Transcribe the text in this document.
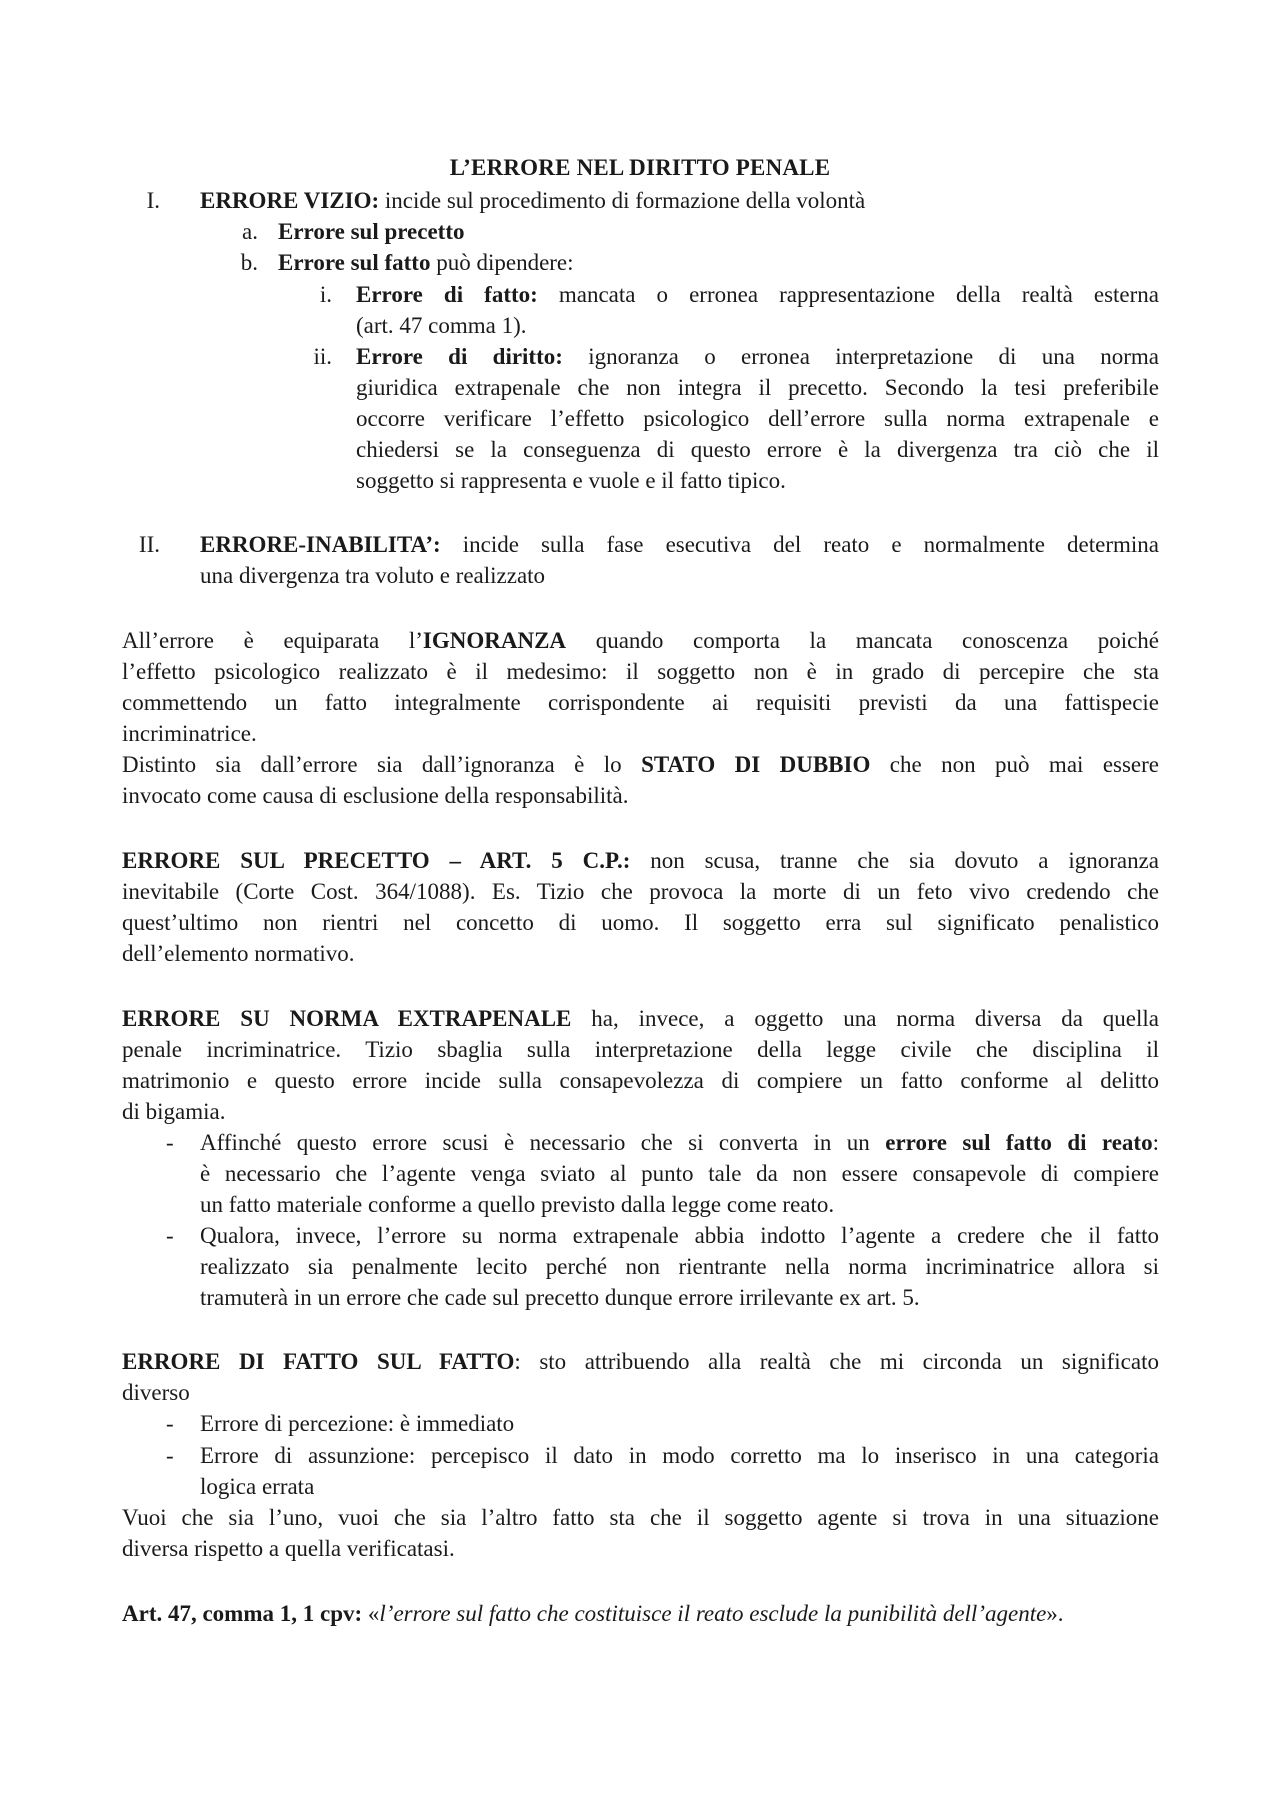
L’ERRORE NEL DIRITTO PENALE
I. ERRORE VIZIO: incide sul procedimento di formazione della volontà
a. Errore sul precetto
b. Errore sul fatto può dipendere:
i. Errore di fatto: mancata o erronea rappresentazione della realtà esterna
(art. 47 comma 1).
ii. Errore di diritto: ignoranza o erronea interpretazione di una norma
giuridica extrapenale che non integra il precetto. Secondo la tesi preferibile
occorre verificare l’effetto psicologico dell’errore sulla norma extrapenale e
chiedersi se la conseguenza di questo errore è la divergenza tra ciò che il
soggetto si rappresenta e vuole e il fatto tipico.
II. ERRORE-INABILITA’: incide sulla fase esecutiva del reato e normalmente determina
una divergenza tra voluto e realizzato
All’errore è equiparata l’IGNORANZA quando comporta la mancata conoscenza poiché
l’effetto psicologico realizzato è il medesimo: il soggetto non è in grado di percepire che sta
commettendo un fatto integralmente corrispondente ai requisiti previsti da una fattispecie
incriminatrice.
Distinto sia dall’errore sia dall’ignoranza è lo STATO DI DUBBIO che non può mai essere
invocato come causa di esclusione della responsabilità.
ERRORE SUL PRECETTO – ART. 5 C.P.: non scusa, tranne che sia dovuto a ignoranza
inevitabile (Corte Cost. 364/1088). Es. Tizio che provoca la morte di un feto vivo credendo che
quest’ultimo non rientri nel concetto di uomo. Il soggetto erra sul significato penalistico
dell’elemento normativo.
ERRORE SU NORMA EXTRAPENALE ha, invece, a oggetto una norma diversa da quella
penale incriminatrice. Tizio sbaglia sulla interpretazione della legge civile che disciplina il
matrimonio e questo errore incide sulla consapevolezza di compiere un fatto conforme al delitto
di bigamia.
- Affinché questo errore scusi è necessario che si converta in un errore sul fatto di reato:
è necessario che l’agente venga sviato al punto tale da non essere consapevole di compiere
un fatto materiale conforme a quello previsto dalla legge come reato.
- Qualora, invece, l’errore su norma extrapenale abbia indotto l’agente a credere che il fatto
realizzato sia penalmente lecito perché non rientrante nella norma incriminatrice allora si
tramuterà in un errore che cade sul precetto dunque errore irrilevante ex art. 5.
ERRORE DI FATTO SUL FATTO: sto attribuendo alla realtà che mi circonda un significato
diverso
- Errore di percezione: è immediato
- Errore di assunzione: percepisco il dato in modo corretto ma lo inserisco in una categoria
logica errata
Vuoi che sia l’uno, vuoi che sia l’altro fatto sta che il soggetto agente si trova in una situazione
diversa rispetto a quella verificatasi.
Art. 47, comma 1, 1 cpv: «l’errore sul fatto che costituisce il reato esclude la punibilità dell’agente».
